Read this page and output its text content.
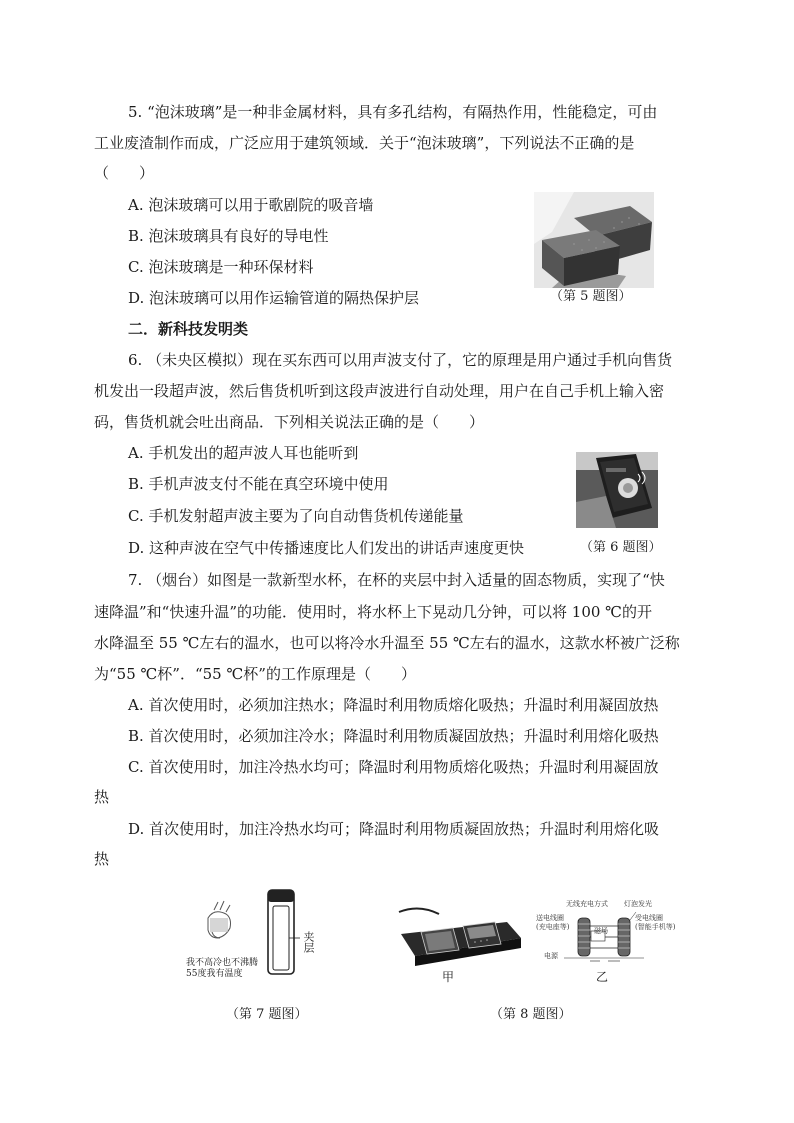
5. “泡沫玻璃”是一种非金属材料，具有多孔结构，有隔热作用，性能稳定，可由
工业废渣制作而成，广泛应用于建筑领域．关于“泡沫玻璃”，下列说法不正确的是
（　　）
A. 泡沫玻璃可以用于歌剧院的吸音墙
B. 泡沫玻璃具有良好的导电性
C. 泡沫玻璃是一种环保材料
D. 泡沫玻璃可以用作运输管道的隔热保护层	（第 5 题图）
二．新科技发明类
6. （未央区模拟）现在买东西可以用声波支付了，它的原理是用户通过手机向售货
机发出一段超声波，然后售货机听到这段声波进行自动处理，用户在自己手机上输入密
码，售货机就会吐出商品．下列相关说法正确的是（　　）
A. 手机发出的超声波人耳也能听到
B. 手机声波支付不能在真空环境中使用
C. 手机发射超声波主要为了向自动售货机传递能量
D. 这种声波在空气中传播速度比人们发出的讲话声速度更快	（第 6 题图）
7. （烟台）如图是一款新型水杯，在杯的夹层中封入适量的固态物质，实现了“快
速降温”和“快速升温”的功能．使用时，将水杯上下晃动几分钟，可以将 100 ℃的开
水降温至 55 ℃左右的温水，也可以将冷水升温至 55 ℃左右的温水，这款水杯被广泛称
为“55 ℃杯”．“55 ℃杯”的工作原理是（　　）
A. 首次使用时，必须加注热水；降温时利用物质熔化吸热；升温时利用凝固放热
B. 首次使用时，必须加注冷水；降温时利用物质凝固放热；升温时利用熔化吸热
C. 首次使用时，加注冷热水均可；降温时利用物质熔化吸热；升温时利用凝固放
热
D. 首次使用时，加注冷热水均可；降温时利用物质凝固放热；升温时利用熔化吸
热
夹层
我不高冷也不沸腾
55度我有温度
（第 7 题图）
甲
磁场
无线充电方式 灯泡发光
送电线圈
(充电座等)
受电线圈
(智能手机等)
电源
乙
（第 8 题图）
